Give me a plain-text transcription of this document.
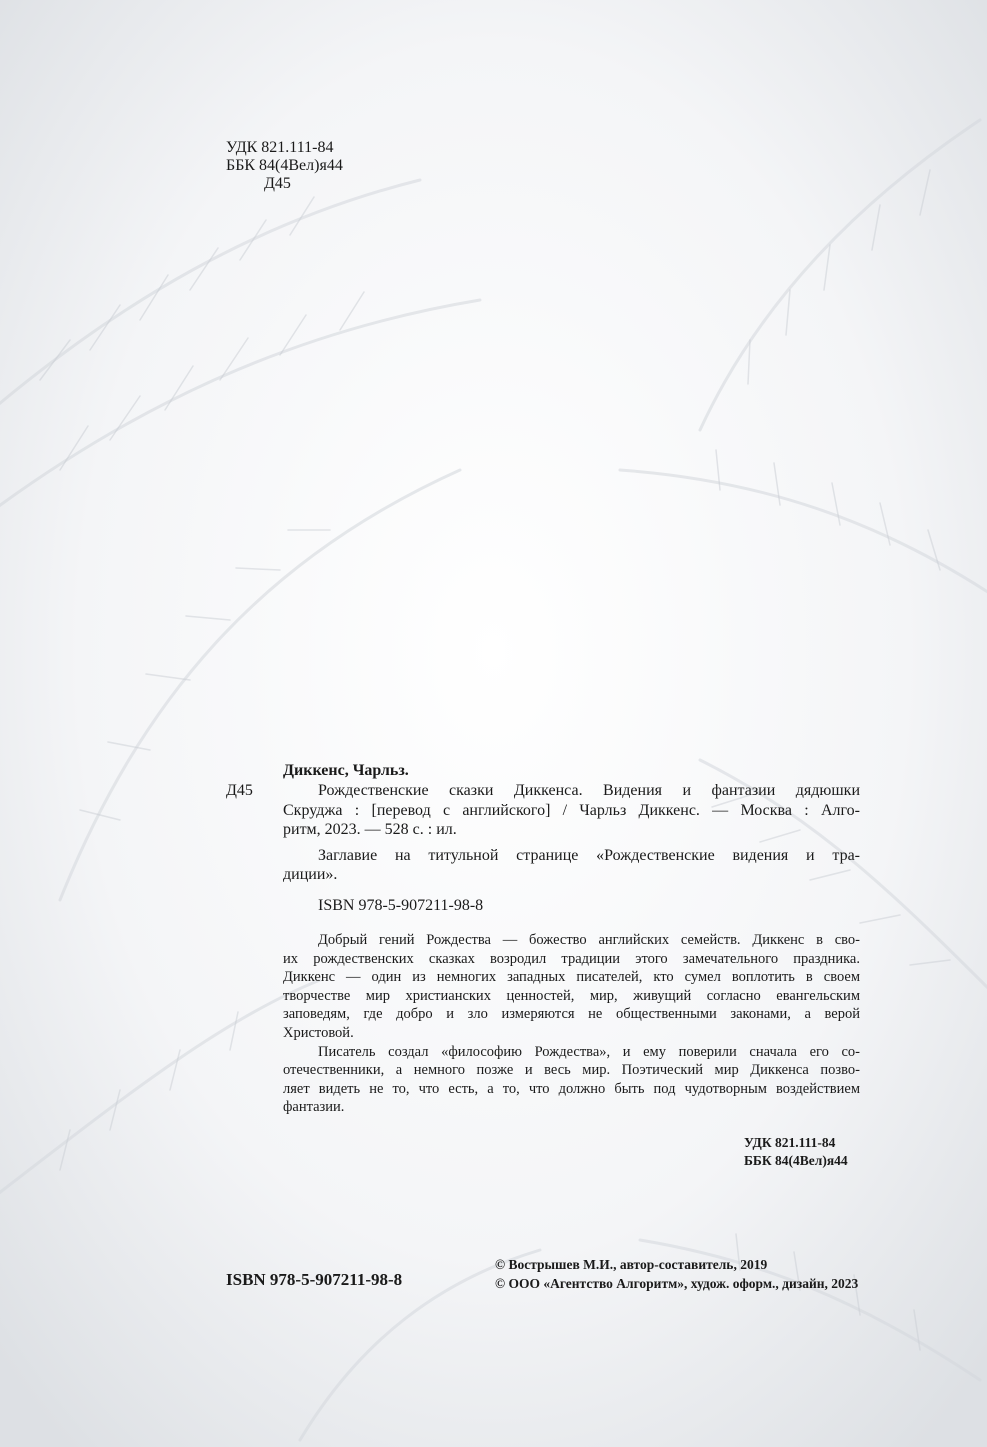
УДК 821.111-84
ББК 84(4Вел)я44
Д45
Диккенс, Чарльз.
Д45	Рождественские сказки Диккенса. Видения и фантазии дядюшки
Скруджа : [перевод с английского] / Чарльз Диккенс. — Москва : Алго-
ритм, 2023. — 528 с. : ил.
Заглавие на титульной странице «Рождественские видения и тра-
диции».
ISBN 978-5-907211-98-8
Добрый гений Рождества — божество английских семейств. Диккенс в сво-
их рождественских сказках возродил традиции этого замечательного праздника.
Диккенс — один из немногих западных писателей, кто сумел воплотить в своем
творчестве мир христианских ценностей, мир, живущий согласно евангельским
заповедям, где добро и зло измеряются не общественными законами, а верой
Христовой.
Писатель создал «философию Рождества», и ему поверили сначала его со-
отечественники, а немного позже и весь мир. Поэтический мир Диккенса позво-
ляет видеть не то, что есть, а то, что должно быть под чудотворным воздействием
фантазии.
УДК 821.111-84
ББК 84(4Вел)я44
ISBN 978-5-907211-98-8
© Вострышев М.И., автор-составитель, 2019
© ООО «Агентство Алгоритм», худож. оформ., дизайн, 2023
